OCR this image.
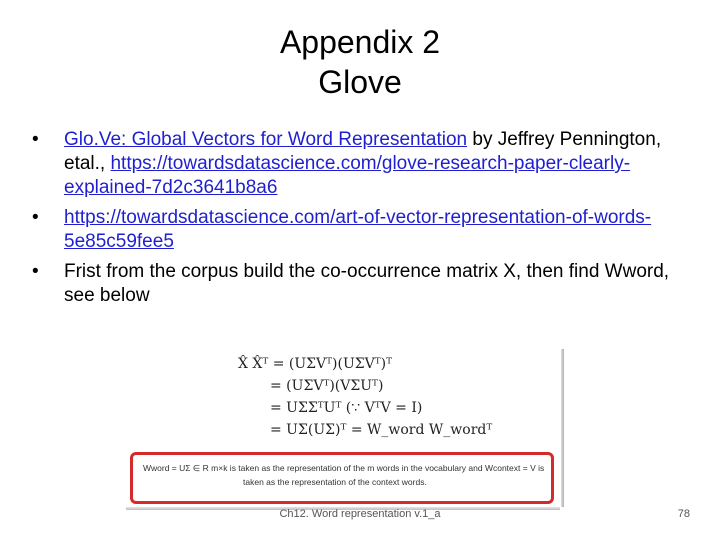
Appendix 2
Glove
•	Glo.Ve: Global Vectors for Word Representation by Jeffrey Pennington, etal., https://towardsdatascience.com/glove-research-paper-clearly-explained-7d2c3641b8a6
•	https://towardsdatascience.com/art-of-vector-representation-of-words-5e85c59fee5
•	Frist from the corpus build the co-occurrence matrix X, then find Wword, see below
X̂ X̂ᵀ = (UΣVᵀ)(UΣVᵀ)ᵀ
= (UΣVᵀ)(VΣUᵀ)
= UΣΣᵀUᵀ (∵ VᵀV = I)
= UΣ(UΣ)ᵀ = W_word W_wordᵀ
Wword = UΣ ∈ R m×k is taken as the representation of the m words in the vocabulary and Wcontext = V is
taken as the representation of the context words.
Ch12. Word representation v.1_a	78
